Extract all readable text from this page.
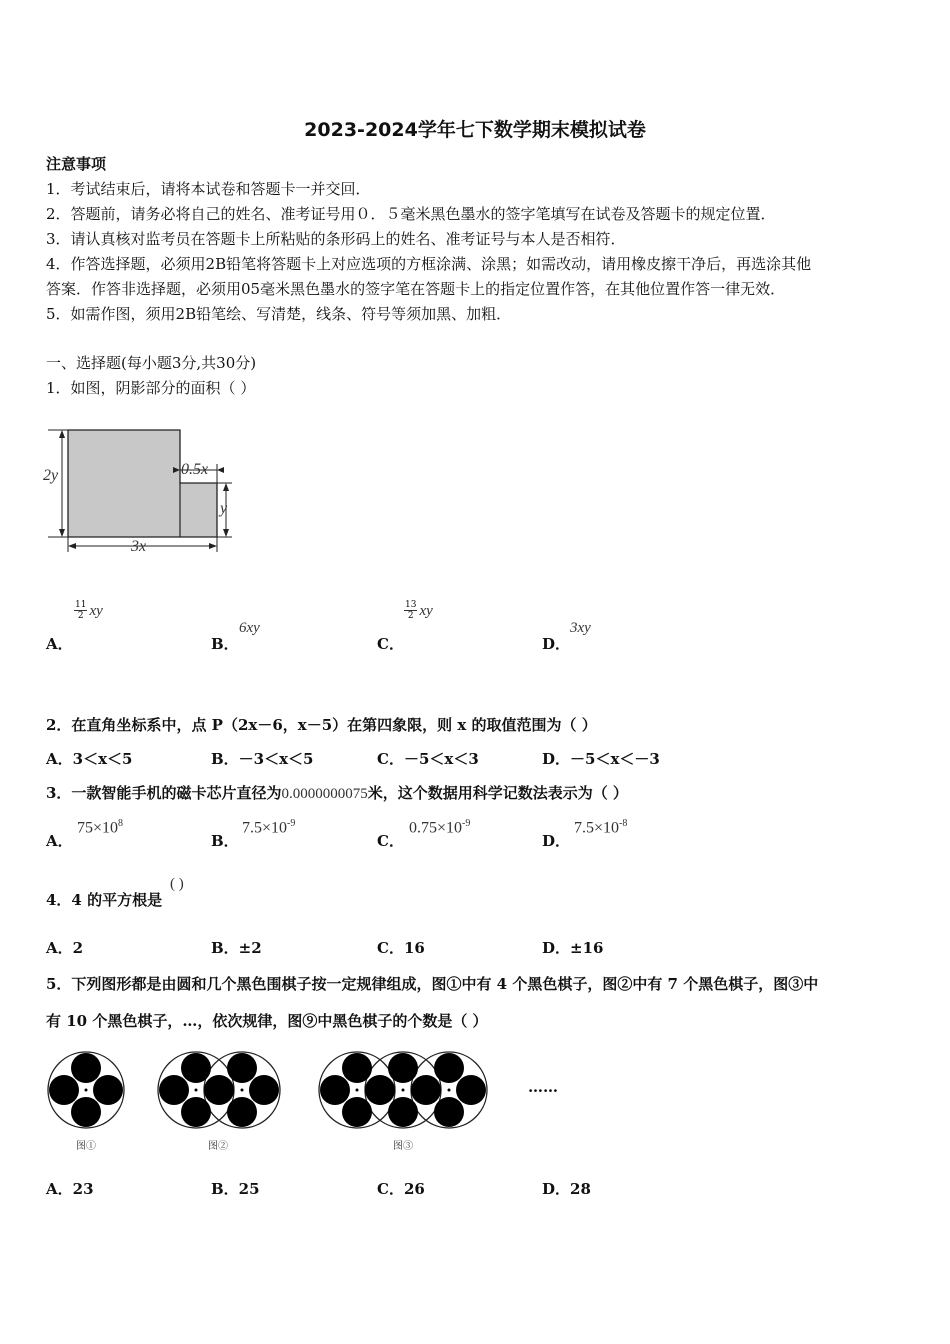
2023-2024学年七下数学期末模拟试卷
注意事项
1．考试结束后，请将本试卷和答题卡一并交回．
2．答题前，请务必将自己的姓名、准考证号用０．５毫米黑色墨水的签字笔填写在试卷及答题卡的规定位置．
3．请认真核对监考员在答题卡上所粘贴的条形码上的姓名、准考证号与本人是否相符．
4．作答选择题，必须用2B铅笔将答题卡上对应选项的方框涂满、涂黑；如需改动，请用橡皮擦干净后，再选涂其他
答案．作答非选择题，必须用05毫米黑色墨水的签字笔在答题卡上的指定位置作答，在其他位置作答一律无效．
5．如需作图，须用2B铅笔绘、写清楚，线条、符号等须加黑、加粗．
一、选择题(每小题3分,共30分)
1．如图，阴影部分的面积（ ）
2y	0.5x
y
3x
A．
$\frac{11}{2}$ xy
B．
6xy
C．
$\frac{13}{2}$ xy
D．
3xy
2．在直角坐标系中，点 P（2x－6，x－5）在第四象限，则 x 的取值范围为（ ）
A．3＜x＜5	B．－3＜x＜5	C．－5＜x＜3	D．－5＜x＜－3
3．一款智能手机的磁卡芯片直径为0.0000000075米，这个数据用科学记数法表示为（ ）
A．
$75\times 10^8$
B．
$7.5\times 10^{-9}$
C．
$0.75\times 10^{-9}$
D．
$7.5\times 10^{-8}$
4．4 的平方根是
( )
A．2	B．±2	C．16	D．±16
5．下列图形都是由圆和几个黑色围棋子按一定规律组成，图①中有 4 个黑色棋子，图②中有 7 个黑色棋子，图③中
有 10 个黑色棋子，…，依次规律，图⑨中黑色棋子的个数是（ ）
……
图①	图②	图③
A．23	B．25	C．26	D．28
